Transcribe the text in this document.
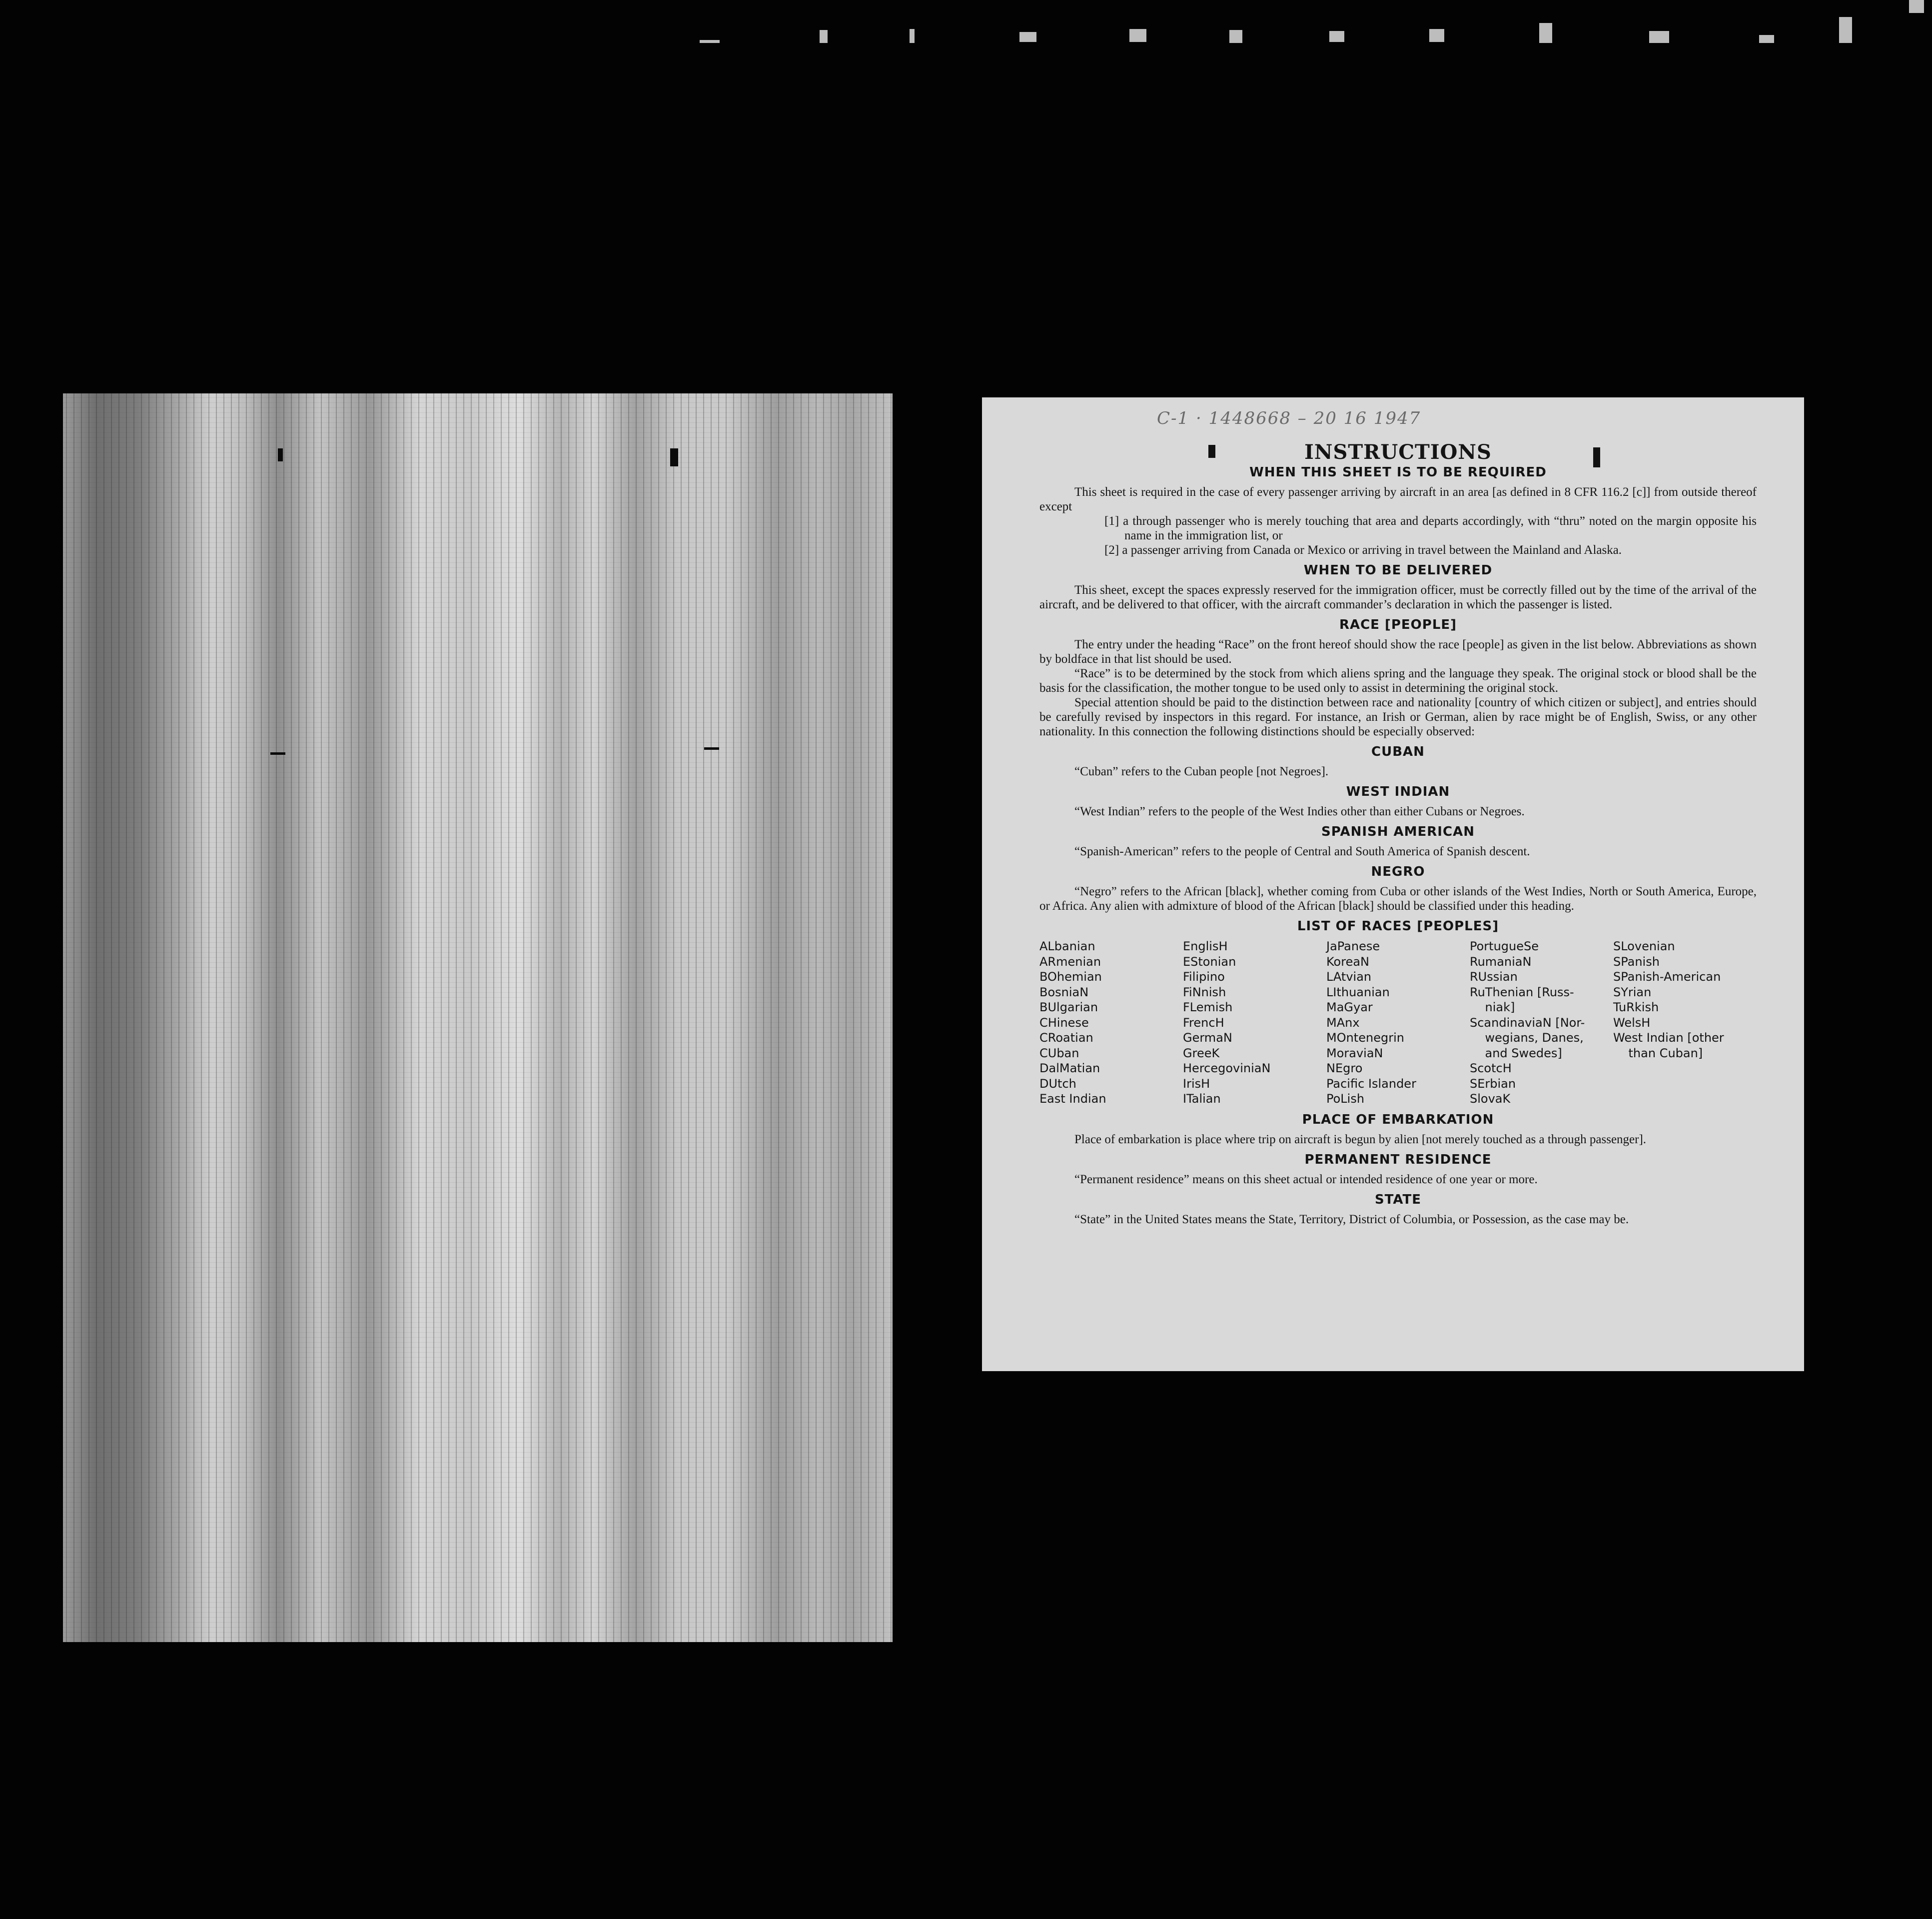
C-1 · 1448668 – 20 16 1947
INSTRUCTIONS
WHEN THIS SHEET IS TO BE REQUIRED

This sheet is required in the case of every passenger arriving by aircraft in an area [as defined in 8 CFR 116.2 [c]] from outside thereof except

[1] a through passenger who is merely touching that area and departs accordingly, with “thru” noted on the margin opposite his name in the immigration list, or

[2] a passenger arriving from Canada or Mexico or arriving in travel between the Mainland and Alaska.

WHEN TO BE DELIVERED

This sheet, except the spaces expressly reserved for the immigration officer, must be correctly filled out by the time of the arrival of the aircraft, and be delivered to that officer, with the aircraft commander’s declaration in which the passenger is listed.

RACE [PEOPLE]

The entry under the heading “Race” on the front hereof should show the race [people] as given in the list below. Abbreviations as shown by boldface in that list should be used.

“Race” is to be determined by the stock from which aliens spring and the language they speak. The original stock or blood shall be the basis for the classification, the mother tongue to be used only to assist in determining the original stock.

Special attention should be paid to the distinction between race and nationality [country of which citizen or subject], and entries should be carefully revised by inspectors in this regard. For instance, an Irish or German, alien by race might be of English, Swiss, or any other nationality. In this connection the following distinctions should be especially observed:

CUBAN

“Cuban” refers to the Cuban people [not Negroes].

WEST INDIAN

“West Indian” refers to the people of the West Indies other than either Cubans or Negroes.

SPANISH AMERICAN

“Spanish-American” refers to the people of Central and South America of Spanish descent.

NEGRO

“Negro” refers to the African [black], whether coming from Cuba or other islands of the West Indies, North or South America, Europe, or Africa. Any alien with admixture of blood of the African [black] should be classified under this heading.

LIST OF RACES [PEOPLES]
ALbanian
ARmenian
BOhemian
BosniaN
BUlgarian
CHinese
CRoatian
CUban
DalMatian
DUtch
East Indian
EnglisH
EStonian
Filipino
FiNnish
FLemish
FrencH
GermaN
GreeK
HercegoviniaN
IrisH
ITalian
JaPanese
KoreaN
LAtvian
LIthuanian
MaGyar
MAnx
MOntenegrin
MoraviaN
NEgro
Pacific Islander
PoLish
PortugueSe
RumaniaN
RUssian
RuThenian [Russ-
niak]
ScandinaviaN [Nor-
wegians, Danes,
and Swedes]
ScotcH
SErbian
SlovaK
SLovenian
SPanish
SPanish-American
SYrian
TuRkish
WelsH
West Indian [other
than Cuban]
PLACE OF EMBARKATION

Place of embarkation is place where trip on aircraft is begun by alien [not merely touched as a through passenger].

PERMANENT RESIDENCE

“Permanent residence” means on this sheet actual or intended residence of one year or more.

STATE

“State” in the United States means the State, Territory, District of Columbia, or Possession, as the case may be.
